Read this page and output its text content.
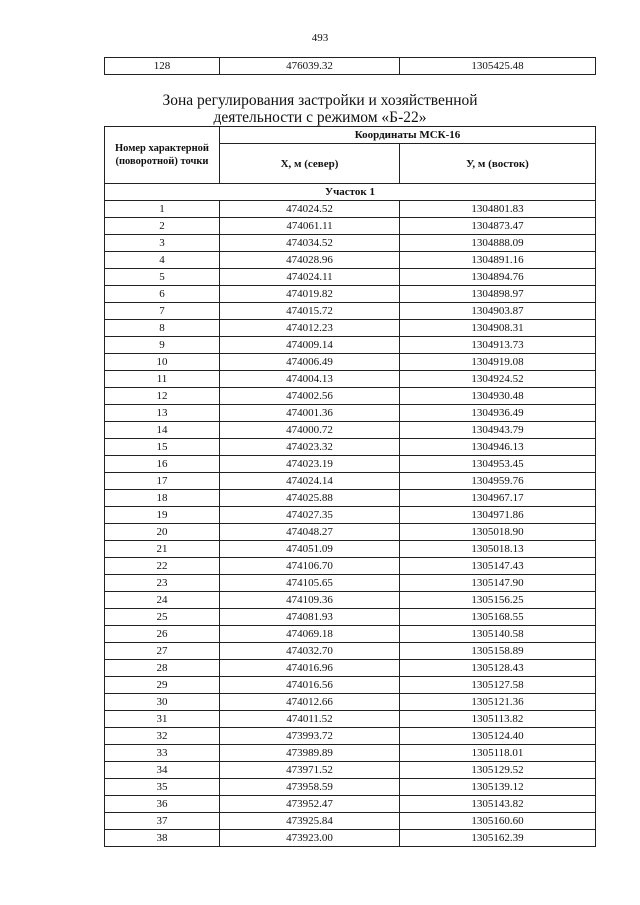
493
128	476039.32	1305425.48
Зона регулирования застройки и хозяйственной деятельности с режимом «Б-22»
Номер характерной (поворотной) точки	Координаты МСК-16	
	X, м (север)	У, м (восток)
Участок 1		
1	474024.52	1304801.83
2	474061.11	1304873.47
3	474034.52	1304888.09
4	474028.96	1304891.16
5	474024.11	1304894.76
6	474019.82	1304898.97
7	474015.72	1304903.87
8	474012.23	1304908.31
9	474009.14	1304913.73
10	474006.49	1304919.08
11	474004.13	1304924.52
12	474002.56	1304930.48
13	474001.36	1304936.49
14	474000.72	1304943.79
15	474023.32	1304946.13
16	474023.19	1304953.45
17	474024.14	1304959.76
18	474025.88	1304967.17
19	474027.35	1304971.86
20	474048.27	1305018.90
21	474051.09	1305018.13
22	474106.70	1305147.43
23	474105.65	1305147.90
24	474109.36	1305156.25
25	474081.93	1305168.55
26	474069.18	1305140.58
27	474032.70	1305158.89
28	474016.96	1305128.43
29	474016.56	1305127.58
30	474012.66	1305121.36
31	474011.52	1305113.82
32	473993.72	1305124.40
33	473989.89	1305118.01
34	473971.52	1305129.52
35	473958.59	1305139.12
36	473952.47	1305143.82
37	473925.84	1305160.60
38	473923.00	1305162.39
